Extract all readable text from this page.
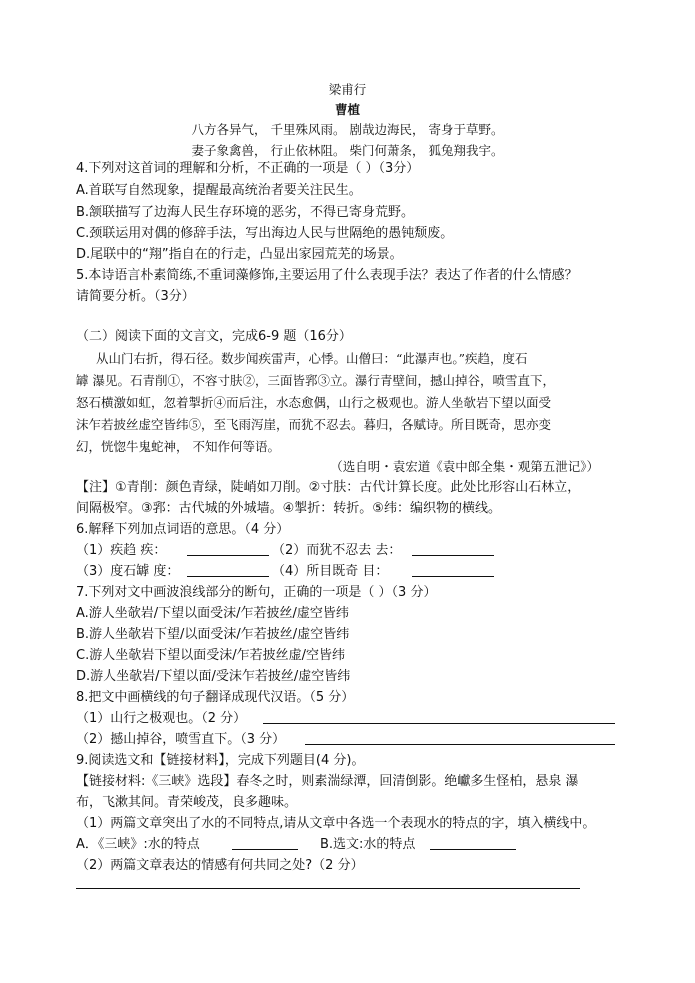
梁甫行
曹植
八方各异气， 千里殊风雨。 剧哉边海民， 寄身于草野。
妻子象禽兽， 行止依林阻。 柴门何萧条， 狐兔翔我宇。
4.下列对这首词的理解和分析，不正确的一项是（ ）（3分）
A.首联写自然现象，提醒最高统治者要关注民生。
B.颔联描写了边海人民生存环境的恶劣，不得已寄身荒野。
C.颈联运用对偶的修辞手法，写出海边人民与世隔绝的愚钝颓废。
D.尾联中的“翔”指自在的行走，凸显出家园荒芜的场景。
5.本诗语言朴素简练,不重词藻修饰,主要运用了什么表现手法？表达了作者的什么情感？
请简要分析。（3分）
（二）阅读下面的文言文，完成6-9 题（16分）
从山门右折，得石径。数步闻疾雷声，心悸。山僧曰：“此瀑声也。”疾趋，度石
罅 瀑见。石青削①，不容寸肤②，三面皆郛③立。瀑行青壁间，撼山掉谷，喷雪直下，
怒石横激如虹，忽着掣折④而后注，水态愈偶，山行之极观也。游人坐欹岩下望以面受
沫乍若披丝虚空皆纬⑤，至飞雨泻崖，而犹不忍去。暮归，各赋诗。所目既奇，思亦变
幻，恍惚牛鬼蛇神， 不知作何等语。
（选自明・袁宏道《袁中郎全集・观第五泄记》）
【注】①青削：颜色青绿，陡峭如刀削。②寸肤：古代计算长度。此处比形容山石林立，
间隔极窄。③郛：古代城的外城墙。④掣折：转折。⑤纬：编织物的横线。
6.解释下列加点词语的意思。（4 分）
（1）疾趋 疾：	（2）而犹不忍去 去：
（3）度石罅 度：	（4）所目既奇 目：
7.下列对文中画波浪线部分的断句，正确的一项是（ ）（3 分）
A.游人坐欹岩/下望以面受沫/乍若披丝/虚空皆纬
B.游人坐欹岩下望/以面受沫/乍若披丝/虚空皆纬
C.游人坐欹岩下望以面受沫/乍若披丝虚/空皆纬
D.游人坐欹岩/下望以面/受沫乍若披丝/虚空皆纬
8.把文中画横线的句子翻译成现代汉语。（5 分）
（1）山行之极观也。（2 分）
（2）撼山掉谷，喷雪直下。（3 分）
9.阅读选文和【链接材料】，完成下列题目(4 分)。
【链接材料:《三峡》选段】春冬之时，则素湍绿潭，回清倒影。绝巘多生怪柏，悬泉 瀑
布，飞漱其间。青荣峻茂，良多趣味。
（1）两篇文章突出了水的不同特点,请从文章中各选一个表现水的特点的字，填入横线中。
A．《三峡》:水的特点	B.选文:水的特点
（2）两篇文章表达的情感有何共同之处?（2 分）
